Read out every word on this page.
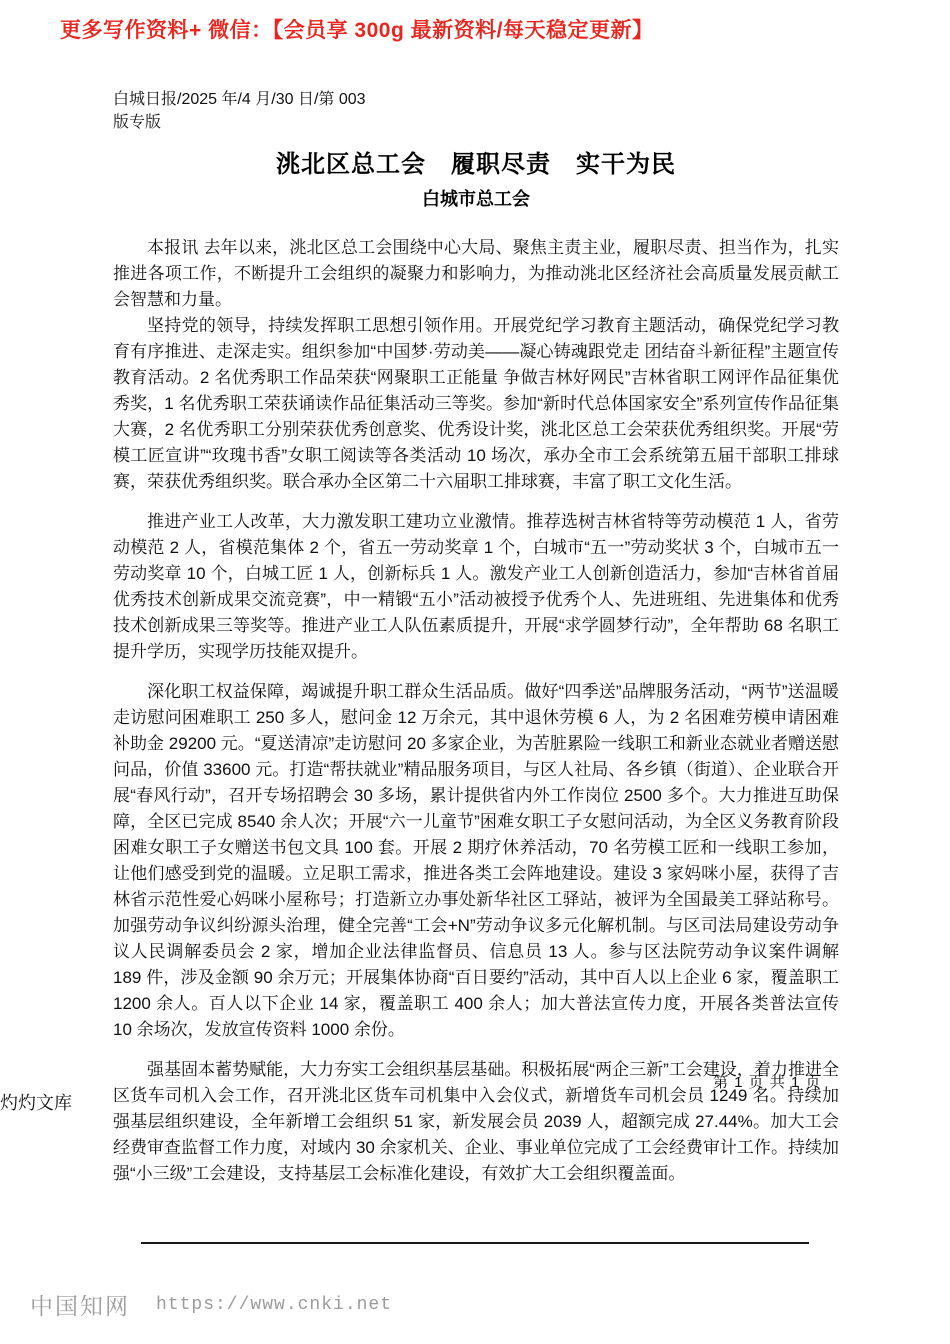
更多写作资料+ 微信：【会员享 300g 最新资料/每天稳定更新】
白城日报/2025 年/4 月/30 日/第 003
版专版
洮北区总工会　履职尽责　实干为民
白城市总工会

本报讯 去年以来，洮北区总工会围绕中心大局、聚焦主责主业，履职尽责、担当作为，扎实推进各项工作，不断提升工会组织的凝聚力和影响力，为推动洮北区经济社会高质量发展贡献工会智慧和力量。

坚持党的领导，持续发挥职工思想引领作用。开展党纪学习教育主题活动，确保党纪学习教育有序推进、走深走实。组织参加“中国梦·劳动美——凝心铸魂跟党走 团结奋斗新征程”主题宣传教育活动。2 名优秀职工作品荣获“网聚职工正能量 争做吉林好网民”吉林省职工网评作品征集优秀奖，1 名优秀职工荣获诵读作品征集活动三等奖。参加“新时代总体国家安全”系列宣传作品征集大赛，2 名优秀职工分别荣获优秀创意奖、优秀设计奖，洮北区总工会荣获优秀组织奖。开展“劳模工匠宣讲”“玫瑰书香”女职工阅读等各类活动 10 场次，承办全市工会系统第五届干部职工排球赛，荣获优秀组织奖。联合承办全区第二十六届职工排球赛，丰富了职工文化生活。

推进产业工人改革，大力激发职工建功立业激情。推荐选树吉林省特等劳动模范 1 人，省劳动模范 2 人，省模范集体 2 个，省五一劳动奖章 1 个，白城市“五一”劳动奖状 3 个，白城市五一劳动奖章 10 个，白城工匠 1 人，创新标兵 1 人。激发产业工人创新创造活力，参加“吉林省首届优秀技术创新成果交流竞赛”，中一精锻“五小”活动被授予优秀个人、先进班组、先进集体和优秀技术创新成果三等奖等。推进产业工人队伍素质提升，开展“求学圆梦行动”，全年帮助 68 名职工提升学历，实现学历技能双提升。

深化职工权益保障，竭诚提升职工群众生活品质。做好“四季送”品牌服务活动，“两节”送温暖走访慰问困难职工 250 多人，慰问金 12 万余元，其中退休劳模 6 人，为 2 名困难劳模申请困难补助金 29200 元。“夏送清凉”走访慰问 20 多家企业，为苦脏累险一线职工和新业态就业者赠送慰问品，价值 33600 元。打造“帮扶就业”精品服务项目，与区人社局、各乡镇（街道）、企业联合开展“春风行动”，召开专场招聘会 30 多场，累计提供省内外工作岗位 2500 多个。大力推进互助保障，全区已完成 8540 余人次；开展“六一儿童节”困难女职工子女慰问活动，为全区义务教育阶段困难女职工子女赠送书包文具 100 套。开展 2 期疗休养活动，70 名劳模工匠和一线职工参加，让他们感受到党的温暖。立足职工需求，推进各类工会阵地建设。建设 3 家妈咪小屋，获得了吉林省示范性爱心妈咪小屋称号；打造新立办事处新华社区工驿站，被评为全国最美工驿站称号。加强劳动争议纠纷源头治理，健全完善“工会+N”劳动争议多元化解机制。与区司法局建设劳动争议人民调解委员会 2 家，增加企业法律监督员、信息员 13 人。参与区法院劳动争议案件调解 189 件，涉及金额 90 余万元；开展集体协商“百日要约”活动，其中百人以上企业 6 家，覆盖职工 1200 余人。百人以下企业 14 家，覆盖职工 400 余人；加大普法宣传力度，开展各类普法宣传 10 余场次，发放宣传资料 1000 余份。

强基固本蓄势赋能，大力夯实工会组织基层基础。积极拓展“两企三新”工会建设，着力推进全区货车司机入会工作，召开洮北区货车司机集中入会仪式，新增货车司机会员 1249 名。持续加强基层组织建设，全年新增工会组织 51 家，新发展会员 2039 人，超额完成 27.44%。加大工会经费审查监督工作力度，对域内 30 余家机关、企业、事业单位完成了工会经费审计工作。持续加强“小三级”工会建设，支持基层工会标准化建设，有效扩大工会组织覆盖面。

第 1 页 共 1 页
灼灼文库
中国知网 https://www.cnki.net
